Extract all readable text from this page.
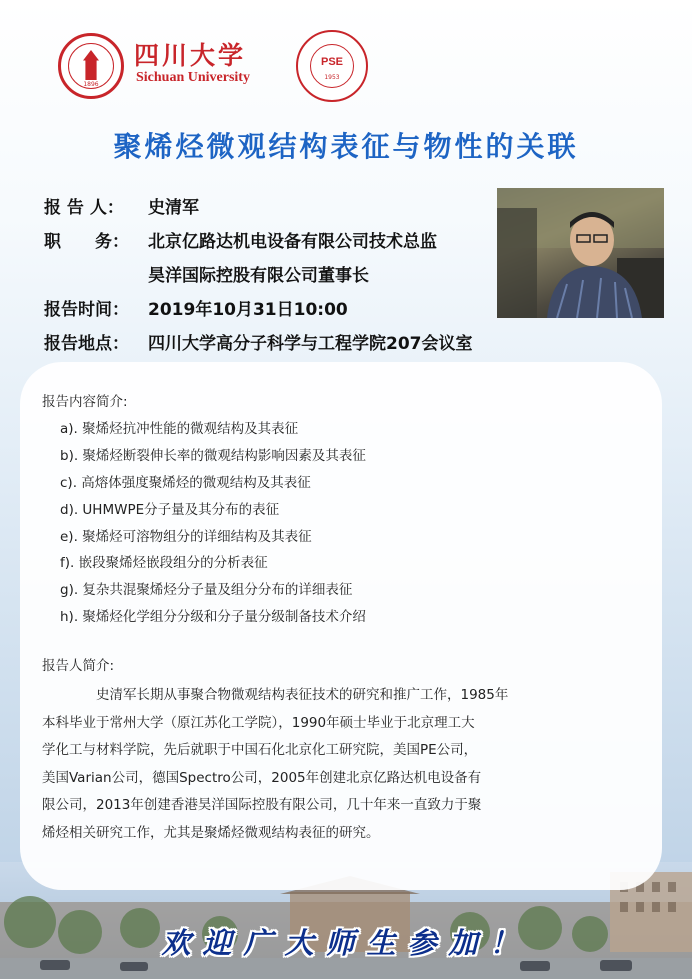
1896
四川大学
Sichuan University
PSE
1953
聚烯烃微观结构表征与物性的关联
报 告 人：	史清军
职　　务：	北京亿路达机电设备有限公司技术总监
昊洋国际控股有限公司董事长
报告时间：	2019年10月31日10:00
报告地点：	四川大学高分子科学与工程学院207会议室
报告内容简介:
a). 聚烯烃抗冲性能的微观结构及其表征
b). 聚烯烃断裂伸长率的微观结构影响因素及其表征
c). 高熔体强度聚烯烃的微观结构及其表征
d). UHMWPE分子量及其分布的表征
e). 聚烯烃可溶物组分的详细结构及其表征
f). 嵌段聚烯烃嵌段组分的分析表征
g). 复杂共混聚烯烃分子量及组分分布的详细表征
h). 聚烯烃化学组分分级和分子量分级制备技术介绍
报告人简介:
史清军长期从事聚合物微观结构表征技术的研究和推广工作，1985年
本科毕业于常州大学（原江苏化工学院），1990年硕士毕业于北京理工大
学化工与材料学院，先后就职于中国石化北京化工研究院，美国PE公司，
美国Varian公司，德国Spectro公司，2005年创建北京亿路达机电设备有
限公司，2013年创建香港昊洋国际控股有限公司，几十年来一直致力于聚
烯烃相关研究工作，尤其是聚烯烃微观结构表征的研究。
欢迎广大师生参加！
